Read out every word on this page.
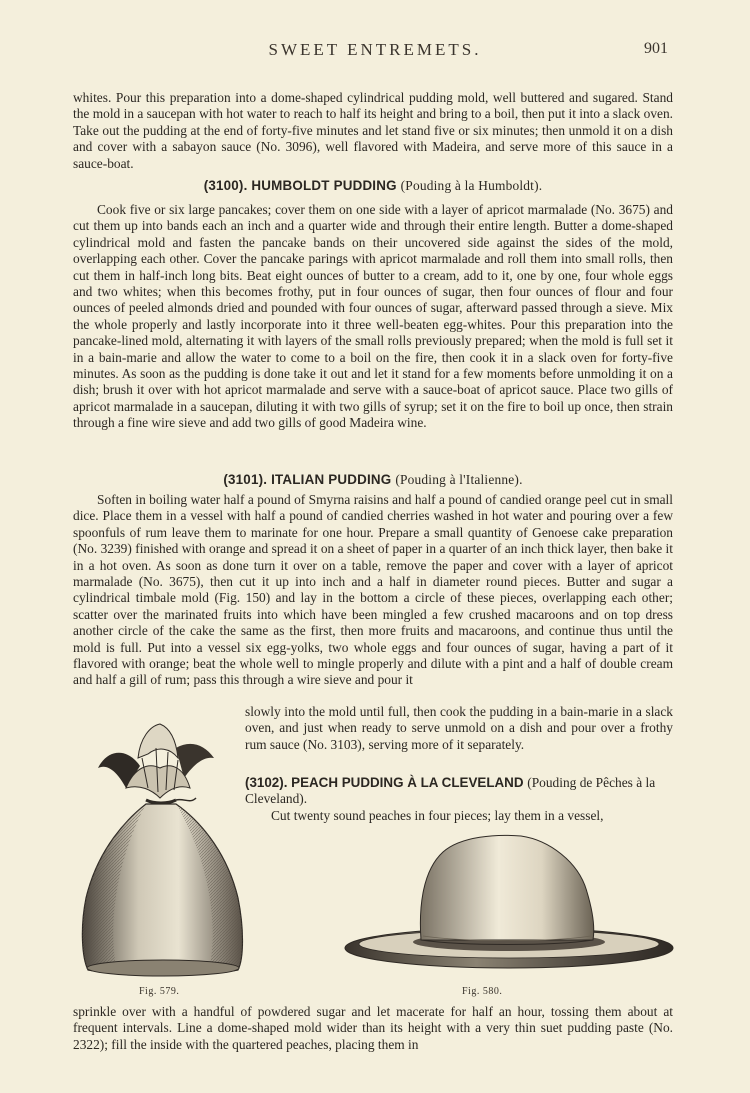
SWEET ENTREMETS.	901

whites. Pour this preparation into a dome-shaped cylindrical pudding mold, well buttered and sugared. Stand the mold in a saucepan with hot water to reach to half its height and bring to a boil, then put it into a slack oven. Take out the pudding at the end of forty-five minutes and let stand five or six minutes; then unmold it on a dish and cover with a sabayon sauce (No. 3096), well flavored with Madeira, and serve more of this sauce in a sauce-boat.

(3100). HUMBOLDT PUDDING (Pouding à la Humboldt).

Cook five or six large pancakes; cover them on one side with a layer of apricot marmalade (No. 3675) and cut them up into bands each an inch and a quarter wide and through their entire length. Butter a dome-shaped cylindrical mold and fasten the pancake bands on their uncovered side against the sides of the mold, overlapping each other. Cover the pancake parings with apricot marmalade and roll them into small rolls, then cut them in half-inch long bits. Beat eight ounces of butter to a cream, add to it, one by one, four whole eggs and two whites; when this becomes frothy, put in four ounces of sugar, then four ounces of flour and four ounces of peeled almonds dried and pounded with four ounces of sugar, afterward passed through a sieve. Mix the whole properly and lastly incorporate into it three well-beaten egg-whites. Pour this preparation into the pancake-lined mold, alternating it with layers of the small rolls previously prepared; when the mold is full set it in a bain-marie and allow the water to come to a boil on the fire, then cook it in a slack oven for forty-five minutes. As soon as the pudding is done take it out and let it stand for a few moments before unmolding it on a dish; brush it over with hot apricot marmalade and serve with a sauce-boat of apricot sauce. Place two gills of apricot marmalade in a saucepan, diluting it with two gills of syrup; set it on the fire to boil up once, then strain through a fine wire sieve and add two gills of good Madeira wine.

(3101). ITALIAN PUDDING (Pouding à l'Italienne).

Soften in boiling water half a pound of Smyrna raisins and half a pound of candied orange peel cut in small dice. Place them in a vessel with half a pound of candied cherries washed in hot water and pouring over a few spoonfuls of rum leave them to marinate for one hour. Prepare a small quantity of Genoese cake preparation (No. 3239) finished with orange and spread it on a sheet of paper in a quarter of an inch thick layer, then bake it in a hot oven. As soon as done turn it over on a table, remove the paper and cover with a layer of apricot marmalade (No. 3675), then cut it up into inch and a half in diameter round pieces. Butter and sugar a cylindrical timbale mold (Fig. 150) and lay in the bottom a circle of these pieces, overlapping each other; scatter over the marinated fruits into which have been mingled a few crushed macaroons and on top dress another circle of the cake the same as the first, then more fruits and macaroons, and continue thus until the mold is full. Put into a vessel six egg-yolks, two whole eggs and four ounces of sugar, having a part of it flavored with orange; beat the whole well to mingle properly and dilute with a pint and a half of double cream and half a gill of rum; pass this through a wire sieve and pour it

slowly into the mold until full, then cook the pudding in a bain-marie in a slack oven, and just when ready to serve unmold on a dish and pour over a frothy rum sauce (No. 3103), serving more of it separately.

(3102). PEACH PUDDING À LA CLEVELAND (Pouding de Pêches à la Cleveland).

Cut twenty sound peaches in four pieces; lay them in a vessel,

Fig. 579.	Fig. 580.

sprinkle over with a handful of powdered sugar and let macerate for half an hour, tossing them about at frequent intervals. Line a dome-shaped mold wider than its height with a very thin suet pudding paste (No. 2322); fill the inside with the quartered peaches, placing them in
